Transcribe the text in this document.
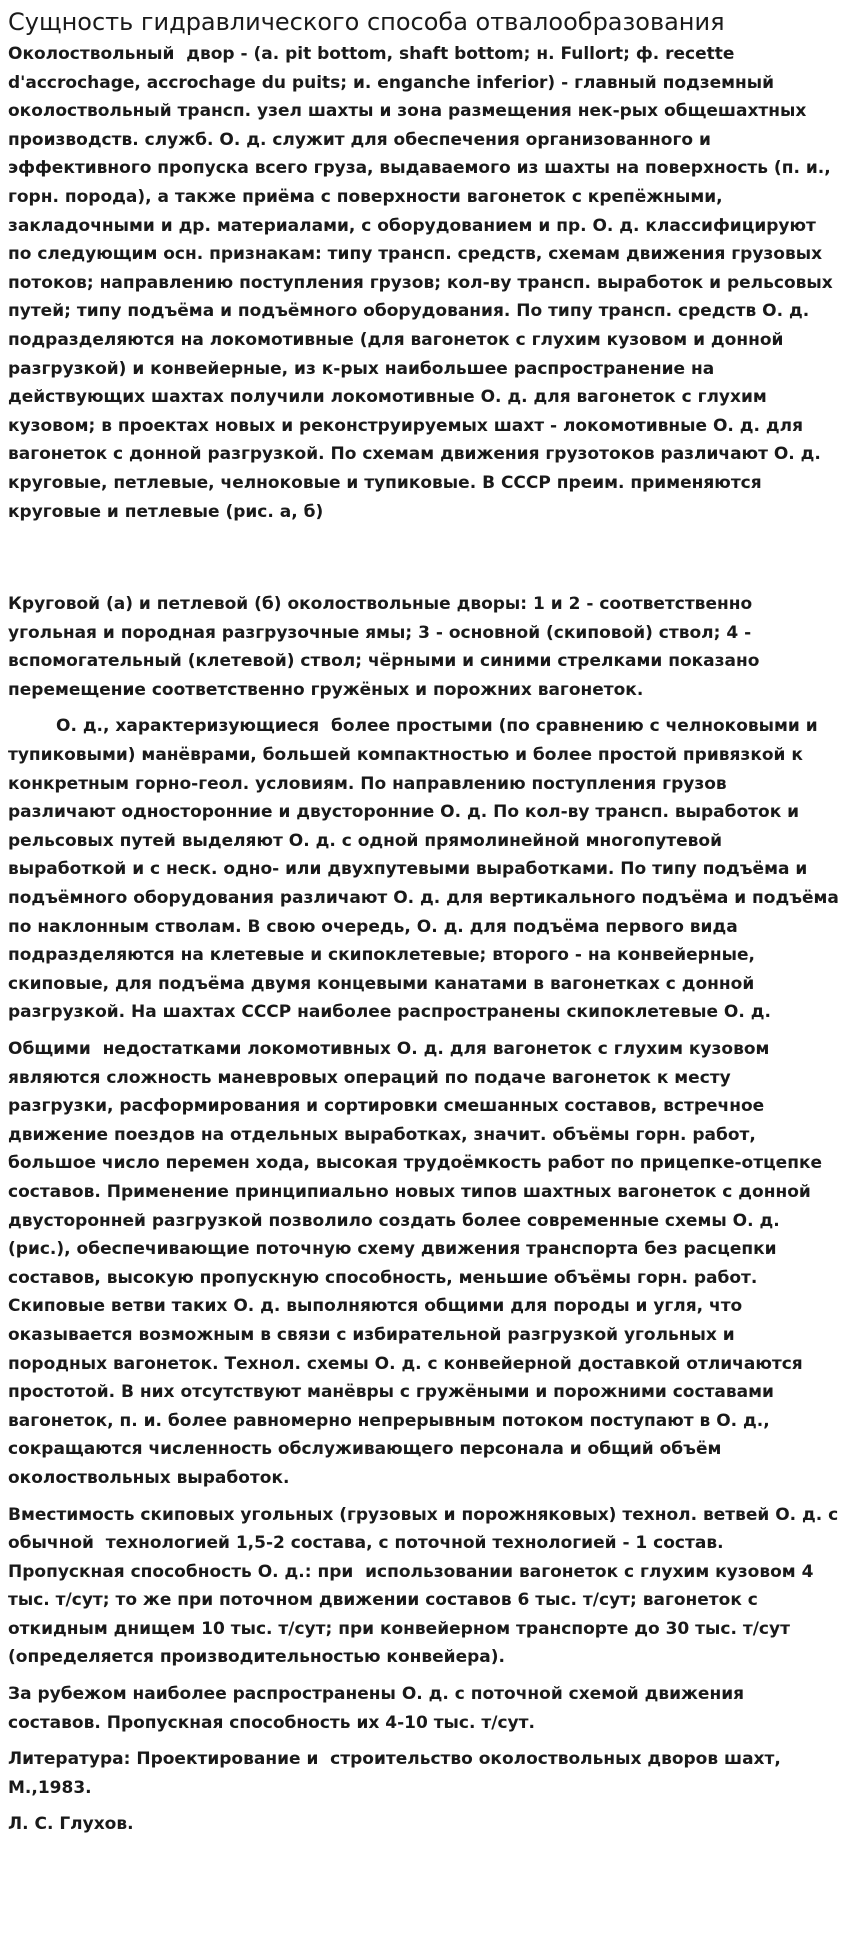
Сущность гидравлического способа отвалообразования

Околоствольный  двор - (a. pit bottom, shaft bottom; н. Fullort; ф. recette d'accrochage, accrochage du puits; и. enganche inferior) - главный подземный околоствольный трансп. узел шахты и зона размещения нек-рых общешахтных производств. служб. О. д. служит для обеспечения организованного и эффективного пропуска всего груза, выдаваемого из шахты на поверхность (п. и., горн. порода), а также приёма с поверхности вагонеток с крепёжными, закладочными и др. материалами, с оборудованием и пр. О. д. классифицируют по следующим осн. признакам: типу трансп. средств, схемам движения грузовых потоков; направлению поступления грузов; кол-ву трансп. выработок и рельсовых путей; типу подъёма и подъёмного оборудования. По типу трансп. средств О. д. подразделяются на локомотивные (для вагонеток с глухим кузовом и донной разгрузкой) и конвейерные, из к-рых наибольшее распространение на действующих шахтах получили локомотивные О. д. для вагонеток с глухим кузовом; в проектах новых и реконструируемых шахт - локомотивные О. д. для вагонеток с донной разгрузкой. По схемам движения грузотоков различают О. д. круговые, петлевые, челноковые и тупиковые. В СССР преим. применяются круговые и петлевые (рис. а, б)

Круговой (а) и петлевой (б) околоствольные дворы: 1 и 2 - соответственно угольная и породная разгрузочные ямы; 3 - основной (скиповой) ствол; 4 - вспомогательный (клетевой) ствол; чёрными и синими стрелками показано перемещение соответственно гружёных и порожних вагонеток.

О. д., характеризующиеся  более простыми (по сравнению с челноковыми и тупиковыми) манёврами, большей компактностью и более простой привязкой к конкретным горно-геол. условиям. По направлению поступления грузов различают односторонние и двусторонние О. д. По кол-ву трансп. выработок и рельсовых путей выделяют О. д. с одной прямолинейной многопутевой выработкой и с неск. одно- или двухпутевыми выработками. По типу подъёма и подъёмного оборудования различают О. д. для вертикального подъёма и подъёма по наклонным стволам. В свою очередь, О. д. для подъёма первого вида подразделяются на клетевые и скипоклетевые; второго - на конвейерные, скиповые, для подъёма двумя концевыми канатами в вагонетках с донной разгрузкой. На шахтах СССР наиболее распространены скипоклетевые О. д.

Общими  недостатками локомотивных О. д. для вагонеток с глухим кузовом являются сложность маневровых операций по подаче вагонеток к месту разгрузки, расформирования и сортировки смешанных составов, встречное движение поездов на отдельных выработках, значит. объёмы горн. работ, большое число перемен хода, высокая трудоёмкость работ по прицепке-отцепке составов. Применение принципиально новых типов шахтных вагонеток с донной двусторонней разгрузкой позволило создать более современные схемы О. д. (рис.), обеспечивающие поточную схему движения транспорта без расцепки составов, высокую пропускную способность, меньшие объёмы горн. работ. Скиповые ветви таких О. д. выполняются общими для породы и угля, что оказывается возможным в связи с избирательной разгрузкой угольных и породных вагонеток. Технол. схемы О. д. с конвейерной доставкой отличаются простотой. В них отсутствуют манёвры с гружёными и порожними составами вагонеток, п. и. более равномерно непрерывным потоком поступают в О. д., сокращаются численность обслуживающего персонала и общий объём околоствольных выработок.

Вместимость скиповых угольных (грузовых и порожняковых) технол. ветвей О. д. с обычной  технологией 1,5-2 состава, с поточной технологией - 1 состав. Пропускная способность О. д.: при  использовании вагонеток с глухим кузовом 4 тыс. т/сут; то же при поточном движении составов 6 тыс. т/сут; вагонеток с откидным днищем 10 тыс. т/сут; при конвейерном транспорте до 30 тыс. т/сут (определяется производительностью конвейера).

За рубежом наиболее распространены О. д. с поточной схемой движения составов. Пропускная способность их 4-10 тыс. т/сут.

Литература: Проектирование и  строительство околоствольных дворов шахт, М.,1983.

Л. С. Глухов.
